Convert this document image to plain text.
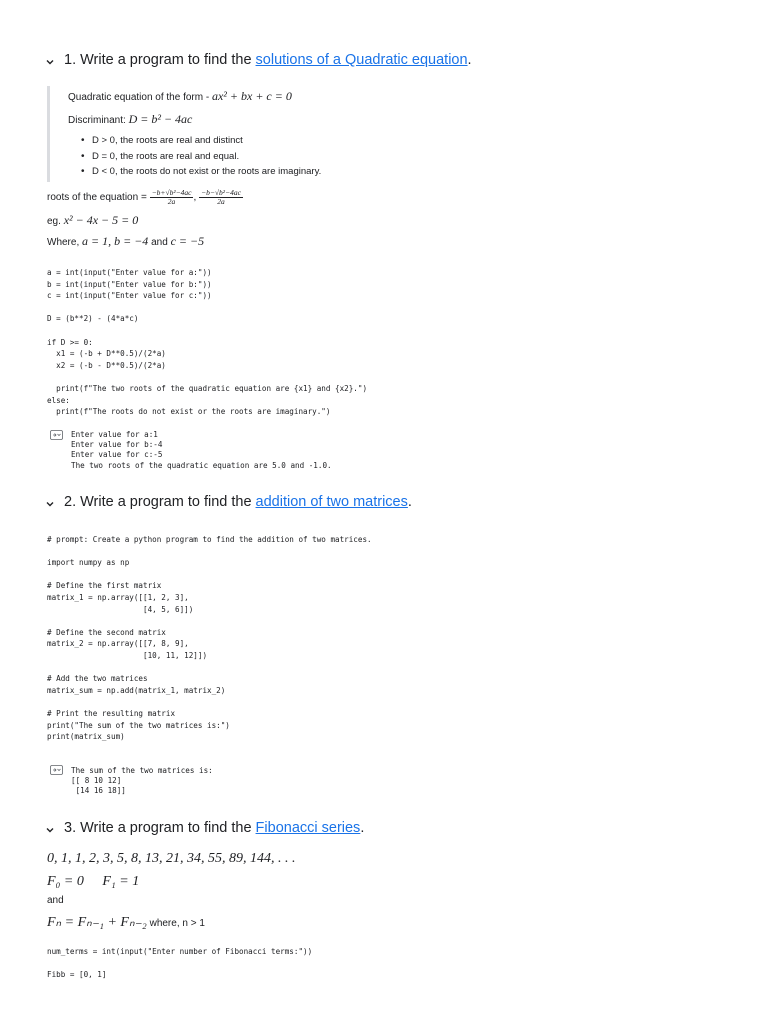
1. Write a program to find the solutions of a Quadratic equation.
Quadratic equation of the form - ax² + bx + c = 0
Discriminant: D = b² − 4ac
• D > 0, the roots are real and distinct
• D = 0, the roots are real and equal.
• D < 0, the roots do not exist or the roots are imaginary.
roots of the equation = $\frac{\text{−b+√b²−4ac}}{2a}$ , $\frac{\text{−b−√b²−4ac}}{2a}$
eg. x² − 4x − 5 = 0
Where, a = 1, b = −4 and c = −5
a = int(input("Enter value for a:"))
b = int(input("Enter value for b:"))
c = int(input("Enter value for c:"))

D = (b**2) - (4*a*c)

if D >= 0:
x1 = (-b + D**0.5)/(2*a)
x2 = (-b - D**0.5)/(2*a)

print(f"The two roots of the quadratic equation are {x1} and {x2}.")
else:
print(f"The roots do not exist or the roots are imaginary.")
Enter value for a:1
Enter value for b:-4
Enter value for c:-5
The two roots of the quadratic equation are 5.0 and -1.0.
2. Write a program to find the addition of two matrices.
# prompt: Create a python program to find the addition of two matrices.

import numpy as np

# Define the first matrix
matrix_1 = np.array([[1, 2, 3],
[4, 5, 6]])

# Define the second matrix
matrix_2 = np.array([[7, 8, 9],
[10, 11, 12]])

# Add the two matrices
matrix_sum = np.add(matrix_1, matrix_2)

# Print the resulting matrix
print("The sum of the two matrices is:")
print(matrix_sum)
The sum of the two matrices is:
[[ 8 10 12]
[14 16 18]]
3. Write a program to find the Fibonacci series.
0, 1, 1, 2, 3, 5, 8, 13, 21, 34, 55, 89, 144, . . .
F₀ = 0 F₁ = 1
and
Fₙ = Fₙ₋₁ + Fₙ₋₂ where, n > 1
num_terms = int(input("Enter number of Fibonacci terms:"))

Fibb = [0, 1]
